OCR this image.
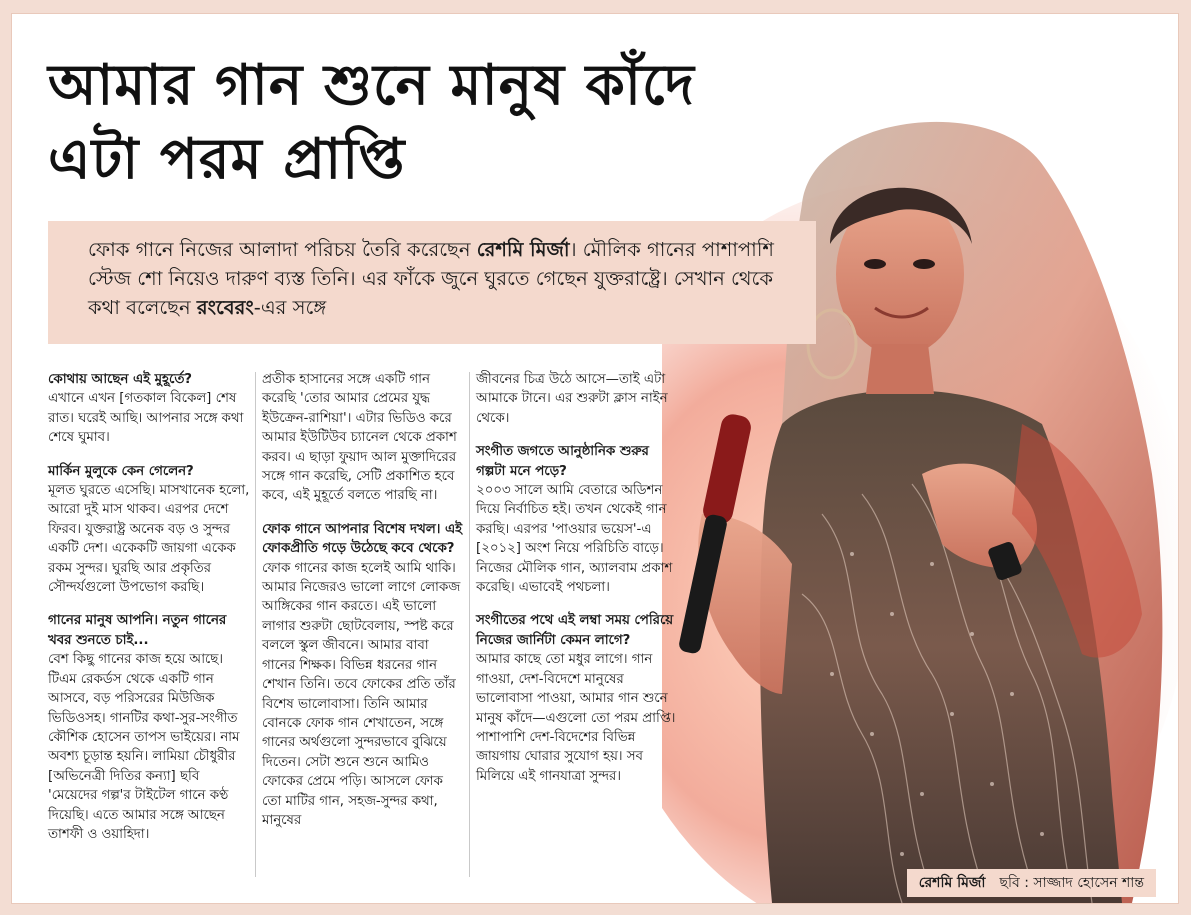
রেশমি মির্জা ছবি : সাজ্জাদ হোসেন শান্ত
আমার গান শুনে মানুষ কাঁদে
এটা পরম প্রাপ্তি
ফোক গানে নিজের আলাদা পরিচয় তৈরি করেছেন রেশমি মির্জা। মৌলিক গানের পাশাপাশি স্টেজ শো নিয়েও দারুণ ব্যস্ত তিনি। এর ফাঁকে জুনে ঘুরতে গেছেন যুক্তরাষ্ট্রে। সেখান থেকে কথা বলেছেন রংবেরং-এর সঙ্গে

কোথায় আছেন এই মুহূর্তে?
এখানে এখন [গতকাল বিকেল] শেষ রাত। ঘরেই আছি। আপনার সঙ্গে কথা শেষে ঘুমাব।

মার্কিন মুলুকে কেন গেলেন?
মূলত ঘুরতে এসেছি। মাসখানেক হলো, আরো দুই মাস থাকব। এরপর দেশে ফিরব। যুক্তরাষ্ট্র অনেক বড় ও সুন্দর একটি দেশ। একেকটি জায়গা একেক রকম সুন্দর। ঘুরছি আর প্রকৃতির সৌন্দর্যগুলো উপভোগ করছি।

গানের মানুষ আপনি। নতুন গানের খবর শুনতে চাই...
বেশ কিছু গানের কাজ হয়ে আছে। টিএম রেকর্ডস থেকে একটি গান আসবে, বড় পরিসরের মিউজিক ভিডিওসহ। গানটির কথা-সুর-সংগীত কৌশিক হোসেন তাপস ভাইয়ের। নাম অবশ্য চূড়ান্ত হয়নি। লামিয়া চৌধুরীর [অভিনেত্রী দিতির কন্যা] ছবি 'মেয়েদের গল্প'র টাইটেল গানে কণ্ঠ দিয়েছি। এতে আমার সঙ্গে আছেন তাশফী ও ওয়াহিদা।

প্রতীক হাসানের সঙ্গে একটি গান করেছি 'তোর আমার প্রেমের যুদ্ধ ইউক্রেন-রাশিয়া'। এটার ভিডিও করে আমার ইউটিউব চ্যানেল থেকে প্রকাশ করব। এ ছাড়া ফুয়াদ আল মুক্তাদিরের সঙ্গে গান করেছি, সেটি প্রকাশিত হবে কবে, এই মুহূর্তে বলতে পারছি না।

ফোক গানে আপনার বিশেষ দখল। এই ফোকপ্রীতি গড়ে উঠেছে কবে থেকে?
ফোক গানের কাজ হলেই আমি থাকি। আমার নিজেরও ভালো লাগে লোকজ আঙ্গিকের গান করতে। এই ভালো লাগার শুরুটা ছোটবেলায়, স্পষ্ট করে বললে স্কুল জীবনে। আমার বাবা গানের শিক্ষক। বিভিন্ন ধরনের গান শেখান তিনি। তবে ফোকের প্রতি তাঁর বিশেষ ভালোবাসা। তিনি আমার বোনকে ফোক গান শেখাতেন, সঙ্গে গানের অর্থগুলো সুন্দরভাবে বুঝিয়ে দিতেন। সেটা শুনে শুনে আমিও ফোকের প্রেমে পড়ি। আসলে ফোক তো মাটির গান, সহজ-সুন্দর কথা, মানুষের

জীবনের চিত্র উঠে আসে—তাই এটা আমাকে টানে। এর শুরুটা ক্লাস নাইন থেকে।

সংগীত জগতে আনুষ্ঠানিক শুরুর গল্পটা মনে পড়ে?
২০০৩ সালে আমি বেতারে অডিশন দিয়ে নির্বাচিত হই। তখন থেকেই গান করছি। এরপর 'পাওয়ার ভয়েস'-এ [২০১২] অংশ নিয়ে পরিচিতি বাড়ে। নিজের মৌলিক গান, অ্যালবাম প্রকাশ করেছি। এভাবেই পথচলা।

সংগীতের পথে এই লম্বা সময় পেরিয়ে নিজের জার্নিটা কেমন লাগে?
আমার কাছে তো মধুর লাগে। গান গাওয়া, দেশ-বিদেশে মানুষের ভালোবাসা পাওয়া, আমার গান শুনে মানুষ কাঁদে—এগুলো তো পরম প্রাপ্তি। পাশাপাশি দেশ-বিদেশের বিভিন্ন জায়গায় ঘোরার সুযোগ হয়। সব মিলিয়ে এই গানযাত্রা সুন্দর।
